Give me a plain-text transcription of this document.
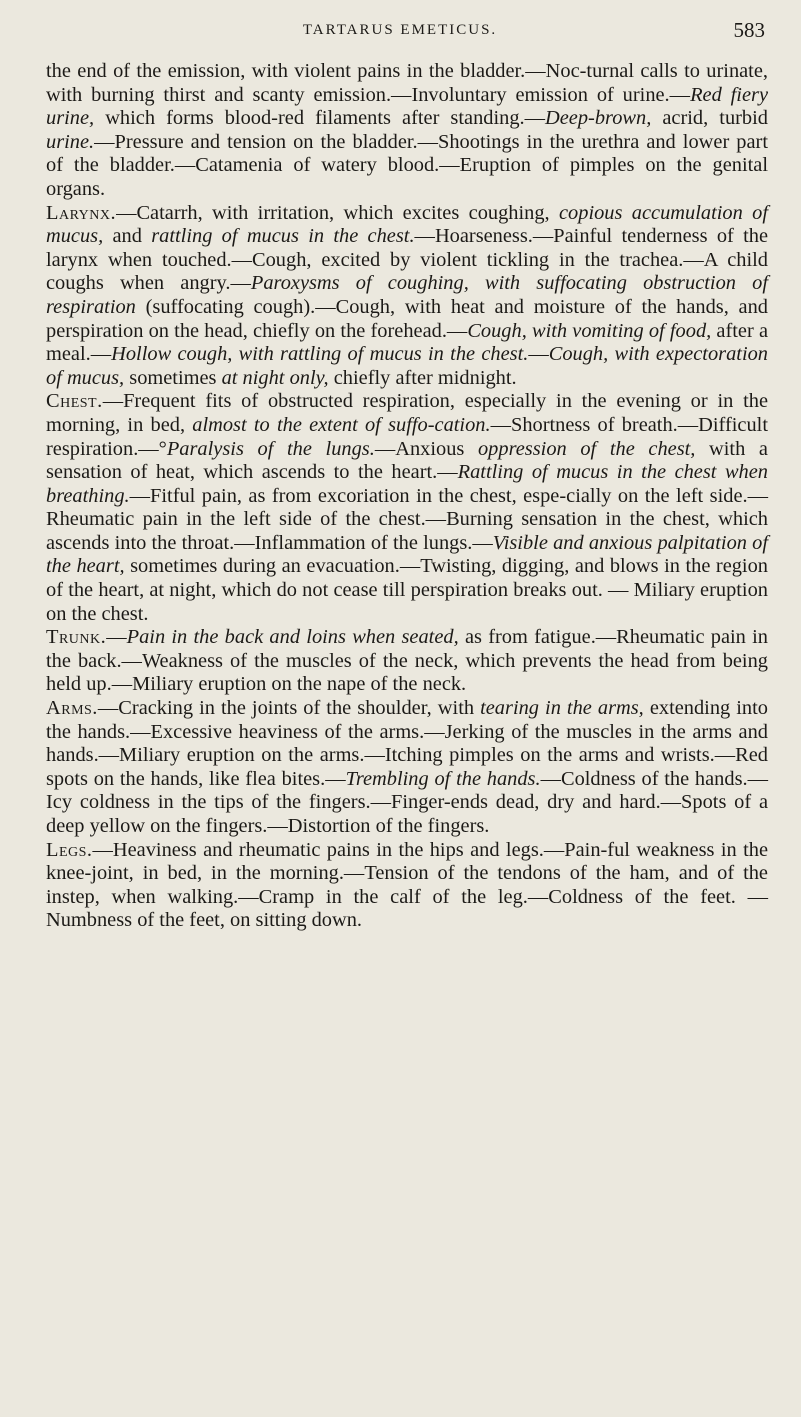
TARTARUS EMETICUS.	583

the end of the emission, with violent pains in the bladder.—Noc-turnal calls to urinate, with burning thirst and scanty emission.—Involuntary emission of urine.—Red fiery urine, which forms blood-red filaments after standing.—Deep-brown, acrid, turbid urine.—Pressure and tension on the bladder.—Shootings in the urethra and lower part of the bladder.—Catamenia of watery blood.—Eruption of pimples on the genital organs.

Larynx.—Catarrh, with irritation, which excites coughing, copious accumulation of mucus, and rattling of mucus in the chest.—Hoarseness.—Painful tenderness of the larynx when touched.—Cough, excited by violent tickling in the trachea.—A child coughs when angry.—Paroxysms of coughing, with suffocating obstruction of respiration (suffocating cough).—Cough, with heat and moisture of the hands, and perspiration on the head, chiefly on the forehead.—Cough, with vomiting of food, after a meal.—Hollow cough, with rattling of mucus in the chest.—Cough, with expectoration of mucus, sometimes at night only, chiefly after midnight.

Chest.—Frequent fits of obstructed respiration, especially in the evening or in the morning, in bed, almost to the extent of suffo-cation.—Shortness of breath.—Difficult respiration.—°Paralysis of the lungs.—Anxious oppression of the chest, with a sensation of heat, which ascends to the heart.—Rattling of mucus in the chest when breathing.—Fitful pain, as from excoriation in the chest, espe-cially on the left side.—Rheumatic pain in the left side of the chest.—Burning sensation in the chest, which ascends into the throat.—Inflammation of the lungs.—Visible and anxious palpitation of the heart, sometimes during an evacuation.—Twisting, digging, and blows in the region of the heart, at night, which do not cease till perspiration breaks out. — Miliary eruption on the chest.

Trunk.—Pain in the back and loins when seated, as from fatigue.—Rheumatic pain in the back.—Weakness of the muscles of the neck, which prevents the head from being held up.—Miliary eruption on the nape of the neck.

Arms.—Cracking in the joints of the shoulder, with tearing in the arms, extending into the hands.—Excessive heaviness of the arms.—Jerking of the muscles in the arms and hands.—Miliary eruption on the arms.—Itching pimples on the arms and wrists.—Red spots on the hands, like flea bites.—Trembling of the hands.—Coldness of the hands.—Icy coldness in the tips of the fingers.—Finger-ends dead, dry and hard.—Spots of a deep yellow on the fingers.—Distortion of the fingers.

Legs.—Heaviness and rheumatic pains in the hips and legs.—Pain-ful weakness in the knee-joint, in bed, in the morning.—Tension of the tendons of the ham, and of the instep, when walking.—Cramp in the calf of the leg.—Coldness of the feet. —Numbness of the feet, on sitting down.
